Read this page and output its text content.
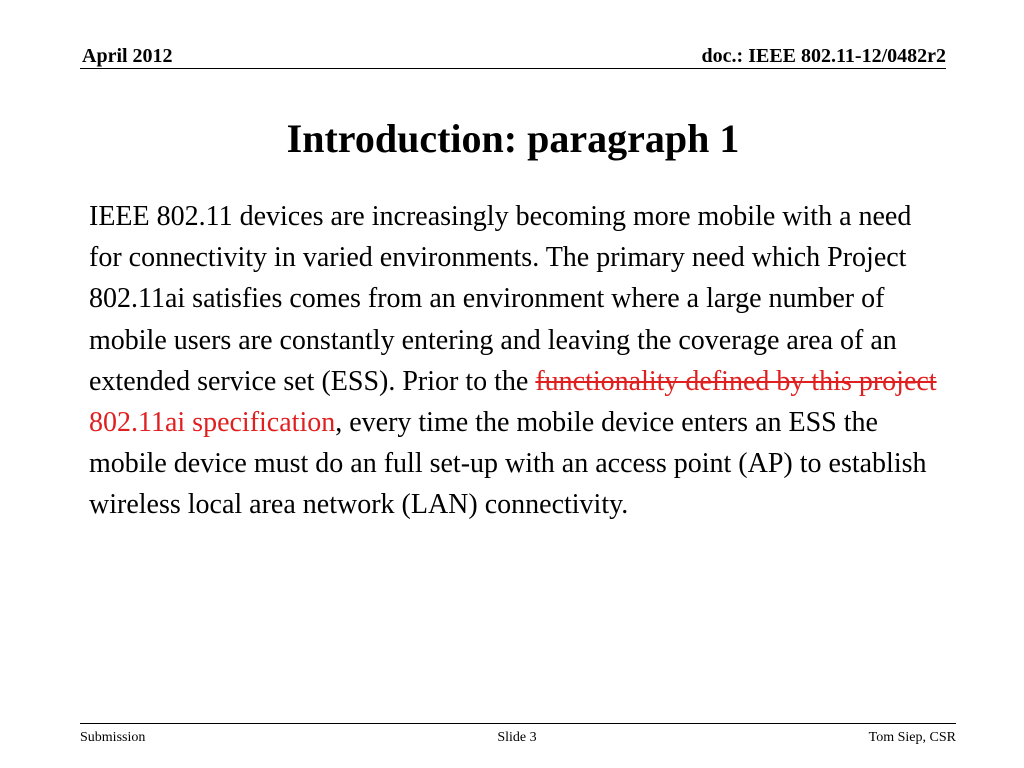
April 2012	doc.: IEEE 802.11-12/0482r2
Introduction: paragraph 1

IEEE 802.11 devices are increasingly becoming more mobile with a need for connectivity in varied environments. The primary need which Project 802.11ai satisfies comes from an environment where a large number of mobile users are constantly entering and leaving the coverage area of an extended service set (ESS). Prior to the functionality defined by this project 802.11ai specification, every time the mobile device enters an ESS the mobile device must do an full set-up with an access point (AP) to establish wireless local area network (LAN) connectivity.

Submission	Slide 3	Tom Siep, CSR
